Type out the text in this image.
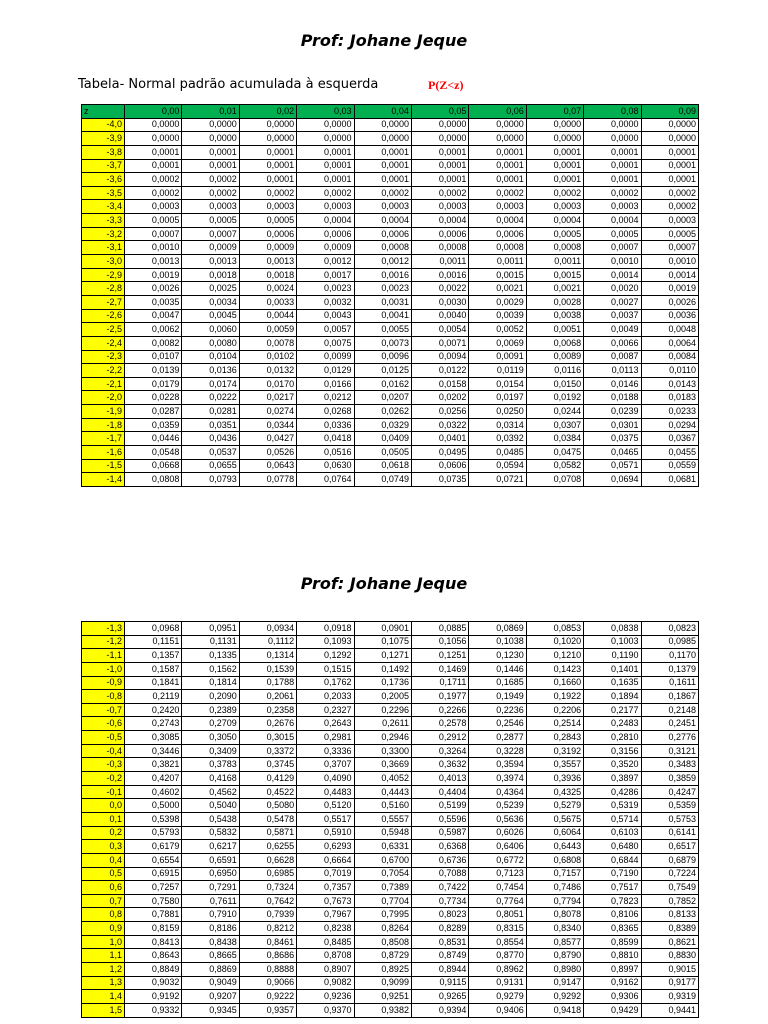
Prof: Johane Jeque
Tabela- Normal padrão acumulada à esquerda	P(Z<z)
z	0,00	0,01	0,02	0,03	0,04	0,05	0,06	0,07	0,08	0,09
-4,0	0,0000	0,0000	0,0000	0,0000	0,0000	0,0000	0,0000	0,0000	0,0000	0,0000
-3,9	0,0000	0,0000	0,0000	0,0000	0,0000	0,0000	0,0000	0,0000	0,0000	0,0000
-3,8	0,0001	0,0001	0,0001	0,0001	0,0001	0,0001	0,0001	0,0001	0,0001	0,0001
-3,7	0,0001	0,0001	0,0001	0,0001	0,0001	0,0001	0,0001	0,0001	0,0001	0,0001
-3,6	0,0002	0,0002	0,0001	0,0001	0,0001	0,0001	0,0001	0,0001	0,0001	0,0001
-3,5	0,0002	0,0002	0,0002	0,0002	0,0002	0,0002	0,0002	0,0002	0,0002	0,0002
-3,4	0,0003	0,0003	0,0003	0,0003	0,0003	0,0003	0,0003	0,0003	0,0003	0,0002
-3,3	0,0005	0,0005	0,0005	0,0004	0,0004	0,0004	0,0004	0,0004	0,0004	0,0003
-3,2	0,0007	0,0007	0,0006	0,0006	0,0006	0,0006	0,0006	0,0005	0,0005	0,0005
-3,1	0,0010	0,0009	0,0009	0,0009	0,0008	0,0008	0,0008	0,0008	0,0007	0,0007
-3,0	0,0013	0,0013	0,0013	0,0012	0,0012	0,0011	0,0011	0,0011	0,0010	0,0010
-2,9	0,0019	0,0018	0,0018	0,0017	0,0016	0,0016	0,0015	0,0015	0,0014	0,0014
-2,8	0,0026	0,0025	0,0024	0,0023	0,0023	0,0022	0,0021	0,0021	0,0020	0,0019
-2,7	0,0035	0,0034	0,0033	0,0032	0,0031	0,0030	0,0029	0,0028	0,0027	0,0026
-2,6	0,0047	0,0045	0,0044	0,0043	0,0041	0,0040	0,0039	0,0038	0,0037	0,0036
-2,5	0,0062	0,0060	0,0059	0,0057	0,0055	0,0054	0,0052	0,0051	0,0049	0,0048
-2,4	0,0082	0,0080	0,0078	0,0075	0,0073	0,0071	0,0069	0,0068	0,0066	0,0064
-2,3	0,0107	0,0104	0,0102	0,0099	0,0096	0,0094	0,0091	0,0089	0,0087	0,0084
-2,2	0,0139	0,0136	0,0132	0,0129	0,0125	0,0122	0,0119	0,0116	0,0113	0,0110
-2,1	0,0179	0,0174	0,0170	0,0166	0,0162	0,0158	0,0154	0,0150	0,0146	0,0143
-2,0	0,0228	0,0222	0,0217	0,0212	0,0207	0,0202	0,0197	0,0192	0,0188	0,0183
-1,9	0,0287	0,0281	0,0274	0,0268	0,0262	0,0256	0,0250	0,0244	0,0239	0,0233
-1,8	0,0359	0,0351	0,0344	0,0336	0,0329	0,0322	0,0314	0,0307	0,0301	0,0294
-1,7	0,0446	0,0436	0,0427	0,0418	0,0409	0,0401	0,0392	0,0384	0,0375	0,0367
-1,6	0,0548	0,0537	0,0526	0,0516	0,0505	0,0495	0,0485	0,0475	0,0465	0,0455
-1,5	0,0668	0,0655	0,0643	0,0630	0,0618	0,0606	0,0594	0,0582	0,0571	0,0559
-1,4	0,0808	0,0793	0,0778	0,0764	0,0749	0,0735	0,0721	0,0708	0,0694	0,0681
Prof: Johane Jeque
-1,3	0,0968	0,0951	0,0934	0,0918	0,0901	0,0885	0,0869	0,0853	0,0838	0,0823
-1,2	0,1151	0,1131	0,1112	0,1093	0,1075	0,1056	0,1038	0,1020	0,1003	0,0985
-1,1	0,1357	0,1335	0,1314	0,1292	0,1271	0,1251	0,1230	0,1210	0,1190	0,1170
-1,0	0,1587	0,1562	0,1539	0,1515	0,1492	0,1469	0,1446	0,1423	0,1401	0,1379
-0,9	0,1841	0,1814	0,1788	0,1762	0,1736	0,1711	0,1685	0,1660	0,1635	0,1611
-0,8	0,2119	0,2090	0,2061	0,2033	0,2005	0,1977	0,1949	0,1922	0,1894	0,1867
-0,7	0,2420	0,2389	0,2358	0,2327	0,2296	0,2266	0,2236	0,2206	0,2177	0,2148
-0,6	0,2743	0,2709	0,2676	0,2643	0,2611	0,2578	0,2546	0,2514	0,2483	0,2451
-0,5	0,3085	0,3050	0,3015	0,2981	0,2946	0,2912	0,2877	0,2843	0,2810	0,2776
-0,4	0,3446	0,3409	0,3372	0,3336	0,3300	0,3264	0,3228	0,3192	0,3156	0,3121
-0,3	0,3821	0,3783	0,3745	0,3707	0,3669	0,3632	0,3594	0,3557	0,3520	0,3483
-0,2	0,4207	0,4168	0,4129	0,4090	0,4052	0,4013	0,3974	0,3936	0,3897	0,3859
-0,1	0,4602	0,4562	0,4522	0,4483	0,4443	0,4404	0,4364	0,4325	0,4286	0,4247
0,0	0,5000	0,5040	0,5080	0,5120	0,5160	0,5199	0,5239	0,5279	0,5319	0,5359
0,1	0,5398	0,5438	0,5478	0,5517	0,5557	0,5596	0,5636	0,5675	0,5714	0,5753
0,2	0,5793	0,5832	0,5871	0,5910	0,5948	0,5987	0,6026	0,6064	0,6103	0,6141
0,3	0,6179	0,6217	0,6255	0,6293	0,6331	0,6368	0,6406	0,6443	0,6480	0,6517
0,4	0,6554	0,6591	0,6628	0,6664	0,6700	0,6736	0,6772	0,6808	0,6844	0,6879
0,5	0,6915	0,6950	0,6985	0,7019	0,7054	0,7088	0,7123	0,7157	0,7190	0,7224
0,6	0,7257	0,7291	0,7324	0,7357	0,7389	0,7422	0,7454	0,7486	0,7517	0,7549
0,7	0,7580	0,7611	0,7642	0,7673	0,7704	0,7734	0,7764	0,7794	0,7823	0,7852
0,8	0,7881	0,7910	0,7939	0,7967	0,7995	0,8023	0,8051	0,8078	0,8106	0,8133
0,9	0,8159	0,8186	0,8212	0,8238	0,8264	0,8289	0,8315	0,8340	0,8365	0,8389
1,0	0,8413	0,8438	0,8461	0,8485	0,8508	0,8531	0,8554	0,8577	0,8599	0,8621
1,1	0,8643	0,8665	0,8686	0,8708	0,8729	0,8749	0,8770	0,8790	0,8810	0,8830
1,2	0,8849	0,8869	0,8888	0,8907	0,8925	0,8944	0,8962	0,8980	0,8997	0,9015
1,3	0,9032	0,9049	0,9066	0,9082	0,9099	0,9115	0,9131	0,9147	0,9162	0,9177
1,4	0,9192	0,9207	0,9222	0,9236	0,9251	0,9265	0,9279	0,9292	0,9306	0,9319
1,5	0,9332	0,9345	0,9357	0,9370	0,9382	0,9394	0,9406	0,9418	0,9429	0,9441
